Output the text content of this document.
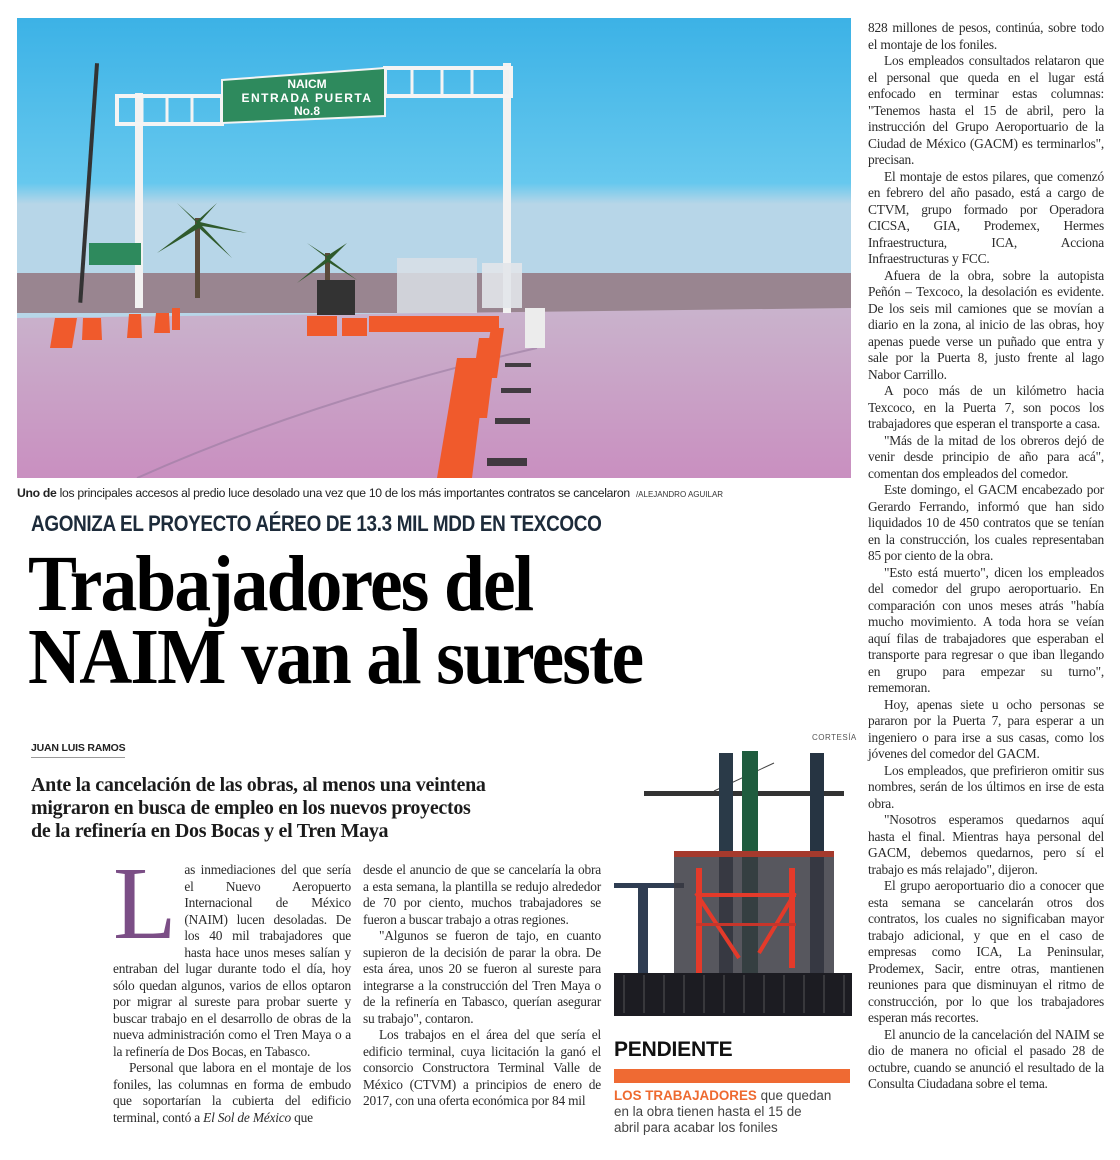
NAICM
ENTRADA PUERTA
No.8
Uno de los principales accesos al predio luce desolado una vez que 10 de los más importantes contratos se cancelaron /ALEJANDRO AGUILAR
AGONIZA EL PROYECTO AÉREO DE 13.3 MIL MDD EN TEXCOCO
Trabajadores del
NAIM van al sureste
JUAN LUIS RAMOS
Ante la cancelación de las obras, al menos una veintena
migraron en busca de empleo en los nuevos proyectos
de la refinería en Dos Bocas y el Tren Maya

Las inmediaciones del que sería el Nuevo Aeropuerto Internacional de México (NAIM) lucen desoladas. De los 40 mil trabajadores que hasta hace unos meses salían y entraban del lugar durante todo el día, hoy sólo quedan algunos, varios de ellos optaron por migrar al sureste para probar suerte y buscar trabajo en el desarrollo de obras de la nueva administración como el Tren Maya o a la refinería de Dos Bocas, en Tabasco.

Personal que labora en el montaje de los foniles, las columnas en forma de embudo que soportarían la cubierta del edificio terminal, contó a El Sol de México que

desde el anuncio de que se cancelaría la obra a esta semana, la plantilla se redujo alrededor de 70 por ciento, muchos trabajadores se fueron a buscar trabajo a otras regiones.

"Algunos se fueron de tajo, en cuanto supieron de la decisión de parar la obra. De esta área, unos 20 se fueron al sureste para integrarse a la construcción del Tren Maya o de la refinería en Tabasco, querían asegurar su trabajo", contaron.

Los trabajos en el área del que sería el edificio terminal, cuya licitación la ganó el consorcio Constructora Terminal Valle de México (CTVM) a principios de enero de 2017, con una oferta económica por 84 mil

CORTESÍA
PENDIENTE
LOS TRABAJADORES que quedan
en la obra tienen hasta el 15 de
abril para acabar los foniles

828 millones de pesos, continúa, sobre todo el montaje de los foniles.

Los empleados consultados relataron que el personal que queda en el lugar está enfocado en terminar estas columnas: "Tenemos hasta el 15 de abril, pero la instrucción del Grupo Aeroportuario de la Ciudad de México (GACM) es terminarlos", precisan.

El montaje de estos pilares, que comenzó en febrero del año pasado, está a cargo de CTVM, grupo formado por Operadora CICSA, GIA, Prodemex, Hermes Infraestructura, ICA, Acciona Infraestructuras y FCC.

Afuera de la obra, sobre la autopista Peñón – Texcoco, la desolación es evidente. De los seis mil camiones que se movían a diario en la zona, al inicio de las obras, hoy apenas puede verse un puñado que entra y sale por la Puerta 8, justo frente al lago Nabor Carrillo.

A poco más de un kilómetro hacia Texcoco, en la Puerta 7, son pocos los trabajadores que esperan el transporte a casa.

"Más de la mitad de los obreros dejó de venir desde principio de año para acá", comentan dos empleados del comedor.

Este domingo, el GACM encabezado por Gerardo Ferrando, informó que han sido liquidados 10 de 450 contratos que se tenían en la construcción, los cuales representaban 85 por ciento de la obra.

"Esto está muerto", dicen los empleados del comedor del grupo aeroportuario. En comparación con unos meses atrás "había mucho movimiento. A toda hora se veían aquí filas de trabajadores que esperaban el transporte para regresar o que iban llegando en grupo para empezar su turno", rememoran.

Hoy, apenas siete u ocho personas se pararon por la Puerta 7, para esperar a un ingeniero o para irse a sus casas, como los jóvenes del comedor del GACM.

Los empleados, que prefirieron omitir sus nombres, serán de los últimos en irse de esta obra.

"Nosotros esperamos quedarnos aquí hasta el final. Mientras haya personal del GACM, debemos quedarnos, pero sí el trabajo es más relajado", dijeron.

El grupo aeroportuario dio a conocer que esta semana se cancelarán otros dos contratos, los cuales no significaban mayor trabajo adicional, y que en el caso de empresas como ICA, La Peninsular, Prodemex, Sacir, entre otras, mantienen reuniones para que disminuyan el ritmo de construcción, por lo que los trabajadores esperan más recortes.

El anuncio de la cancelación del NAIM se dio de manera no oficial el pasado 28 de octubre, cuando se anunció el resultado de la Consulta Ciudadana sobre el tema.
